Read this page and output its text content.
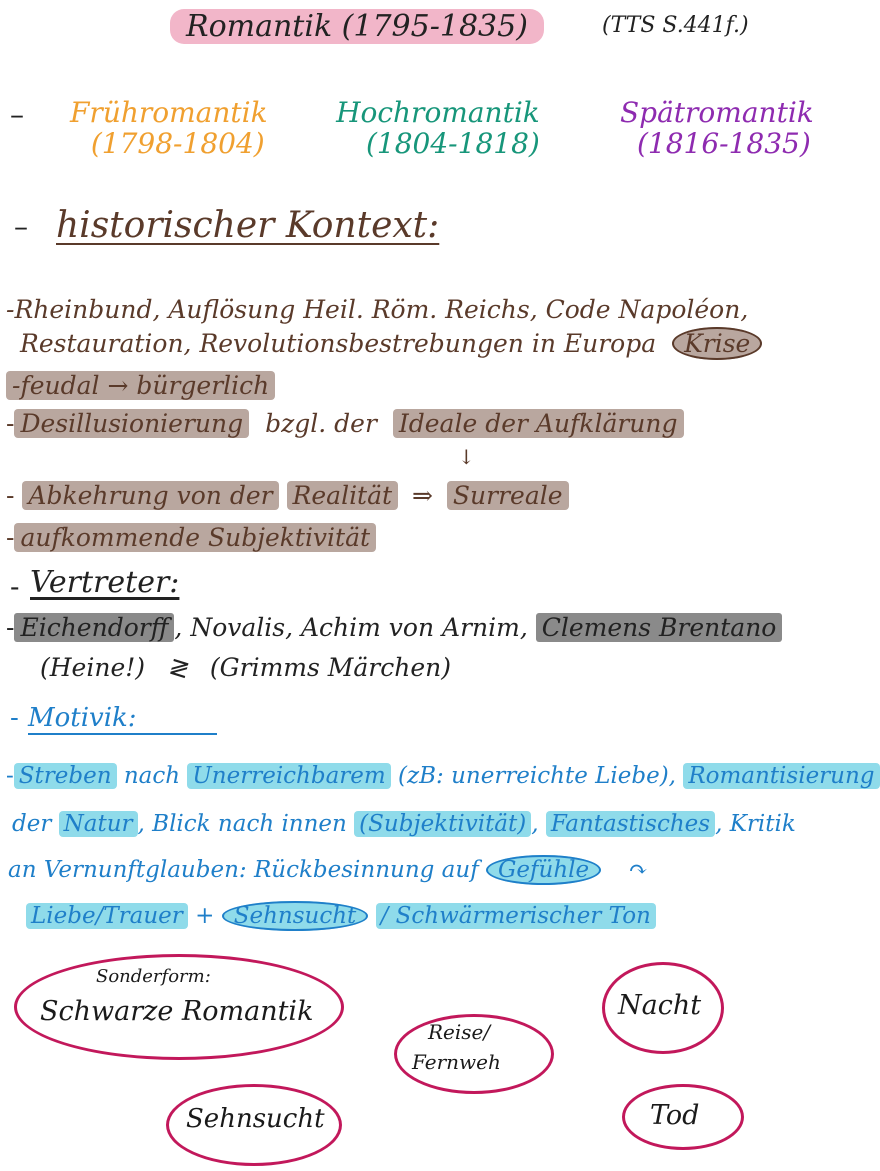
Romantik (1795-1835)	(TTS S.441f.)
– Frühromantik
(1798-1804)
Hochromantik
(1804-1818)
Spätromantik
(1816-1835)
– historischer Kontext:
-Rheinbund, Auflösung Heil. Röm. Reichs, Code Napoléon,
Restauration, Revolutionsbestrebungen in Europa Krise
-feudal → bürgerlich
- Desillusionierung bzgl. der Ideale der Aufklärung
↓
- Abkehrung von der Realität ⇒ Surreale
- aufkommende Subjektivität
- Vertreter:
- Eichendorff , Novalis, Achim von Arnim, Clemens Brentano
(Heine!) ≷ (Grimms Märchen)
- Motivik:
- Streben nach Unerreichbarem (zB: unerreichte Liebe), Romantisierung
der Natur , Blick nach innen (Subjektivität) , Fantastisches , Kritik
an Vernunftglauben: Rückbesinnung auf Gefühle ↷
Liebe/Trauer + Sehnsucht / Schwärmerischer Ton
Sonderform:
Schwarze Romantik	Nacht
Reise/
Fernweh
Sehnsucht	Tod
